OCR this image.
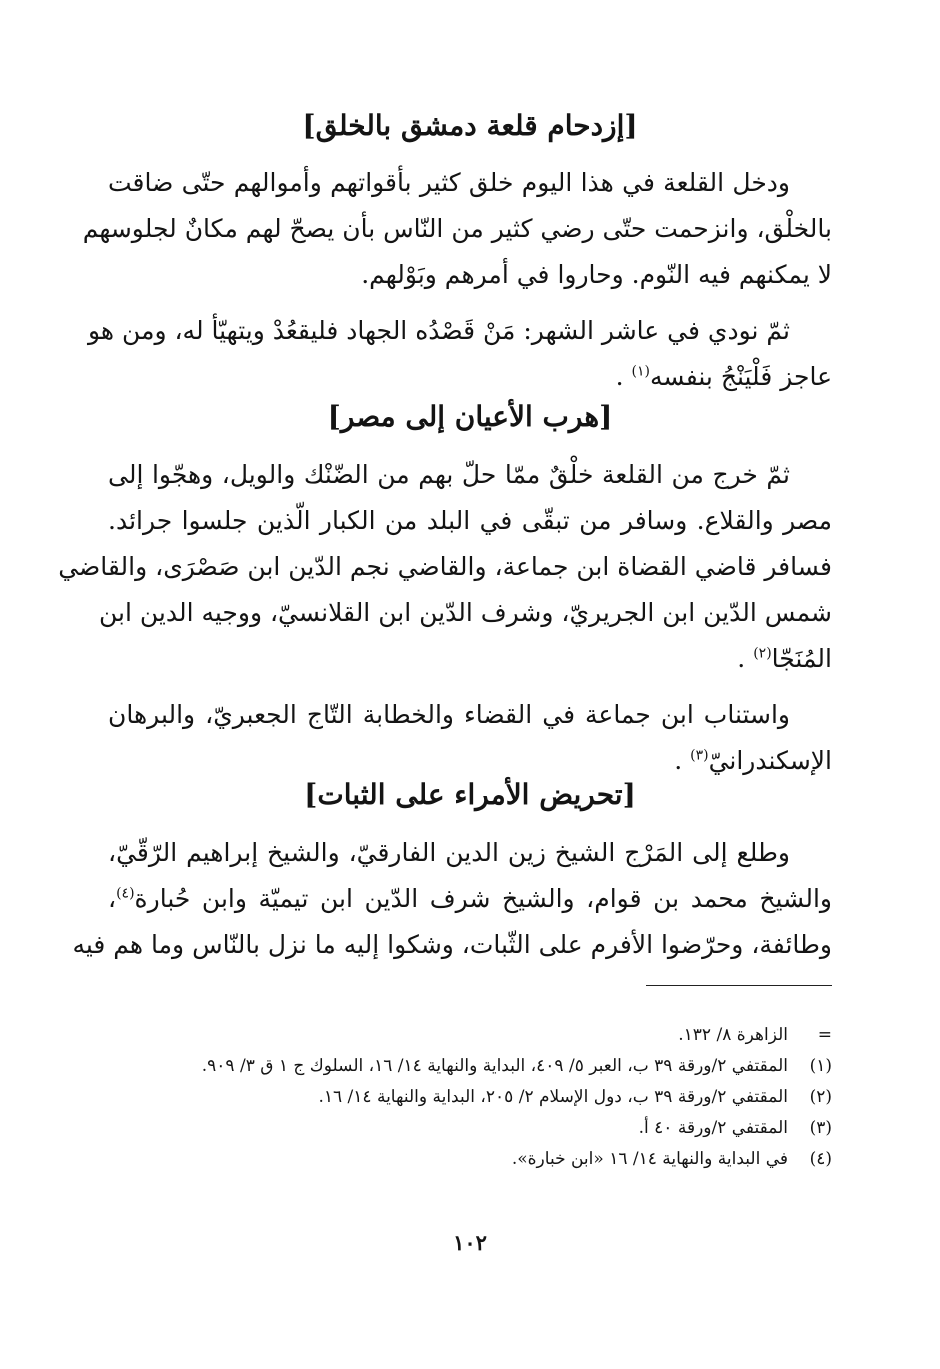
[إزدحام قلعة دمشق بالخلق]

ودخل القلعة في هذا اليوم خلق كثير بأقواتهم وأموالهم حتّى ضاقت
بالخلْق، وانزحمت حتّى رضي كثير من النّاس بأن يصحّ لهم مكانٌ لجلوسهم
لا يمكنهم فيه النّوم. وحاروا في أمرهم وبَوْلهم.

ثمّ نودي في عاشر الشهر: مَنْ قَصْدُه الجهاد فليقعُدْ ويتهيّأ له، ومن هو
عاجز فَلْيَنْجُ بنفسه$^{(١)}$ .

[هرب الأعيان إلى مصر]

ثمّ خرج من القلعة خلْقٌ ممّا حلّ بهم من الضّنْك والويل، وهجّوا إلى
مصر والقلاع. وسافر من تبقّى في البلد من الكبار الّذين جلسوا جرائد.
فسافر قاضي القضاة ابن جماعة، والقاضي نجم الدّين ابن صَصْرَى، والقاضي
شمس الدّين ابن الجريريّ، وشرف الدّين ابن القلانسيّ، ووجيه الدين ابن
المُنَجّا$^{(٢)}$ .

واستناب ابن جماعة في القضاء والخطابة التّاج الجعبريّ، والبرهان
الإسكندرانيّ$^{(٣)}$ .

[تحريض الأمراء على الثبات]

وطلع إلى المَرْج الشيخ زين الدين الفارقيّ، والشيخ إبراهيم الرّقّيّ،
والشيخ محمد بن قوام، والشيخ شرف الدّين ابن تيميّة وابن حُبارة$^{(٤)}$،
وطائفة، وحرّضوا الأفرم على الثّبات، وشكوا إليه ما نزل بالنّاس وما هم فيه

=
الزاهرة ٨/ ١٣٢.
(١)
المقتفي ٢/ورقة ٣٩ ب، العبر ٥/ ٤٠٩، البداية والنهاية ١٤/ ١٦، السلوك ج ١ ق ٣/ ٩٠٩.
(٢)
المقتفي ٢/ورقة ٣٩ ب، دول الإسلام ٢/ ٢٠٥، البداية والنهاية ١٤/ ١٦.
(٣)
المقتفي ٢/ورقة ٤٠ أ.
(٤)
في البداية والنهاية ١٤/ ١٦ «ابن خبارة».
١٠٢
